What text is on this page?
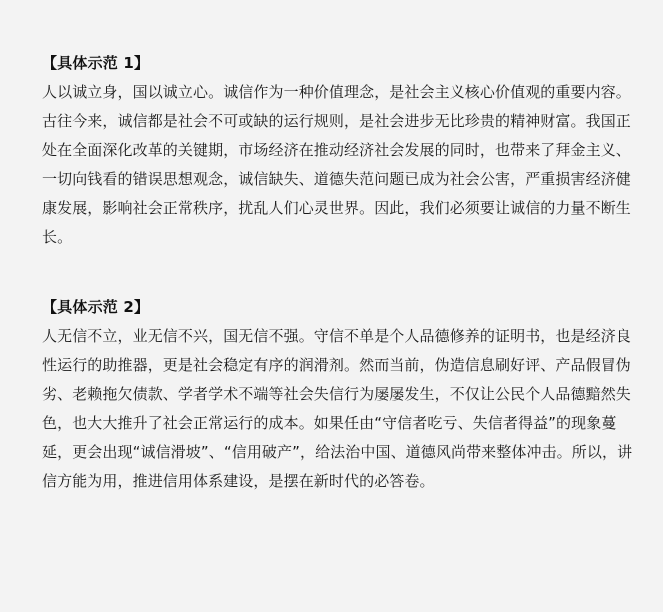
【具体示范 1】

人以诚立身，国以诚立心。诚信作为一种价值理念，是社会主义核心价值观的重要内容。古往今来，诚信都是社会不可或缺的运行规则，是社会进步无比珍贵的精神财富。我国正处在全面深化改革的关键期，市场经济在推动经济社会发展的同时，也带来了拜金主义、一切向钱看的错误思想观念，诚信缺失、道德失范问题已成为社会公害，严重损害经济健康发展，影响社会正常秩序，扰乱人们心灵世界。因此，我们必须要让诚信的力量不断生长。

【具体示范 2】

人无信不立，业无信不兴，国无信不强。守信不单是个人品德修养的证明书，也是经济良性运行的助推器，更是社会稳定有序的润滑剂。然而当前，伪造信息刷好评、产品假冒伪劣、老赖拖欠债款、学者学术不端等社会失信行为屡屡发生，不仅让公民个人品德黯然失色，也大大推升了社会正常运行的成本。如果任由“守信者吃亏、失信者得益”的现象蔓延，更会出现“诚信滑坡”、“信用破产”，给法治中国、道德风尚带来整体冲击。所以，讲信方能为用，推进信用体系建设，是摆在新时代的必答卷。
